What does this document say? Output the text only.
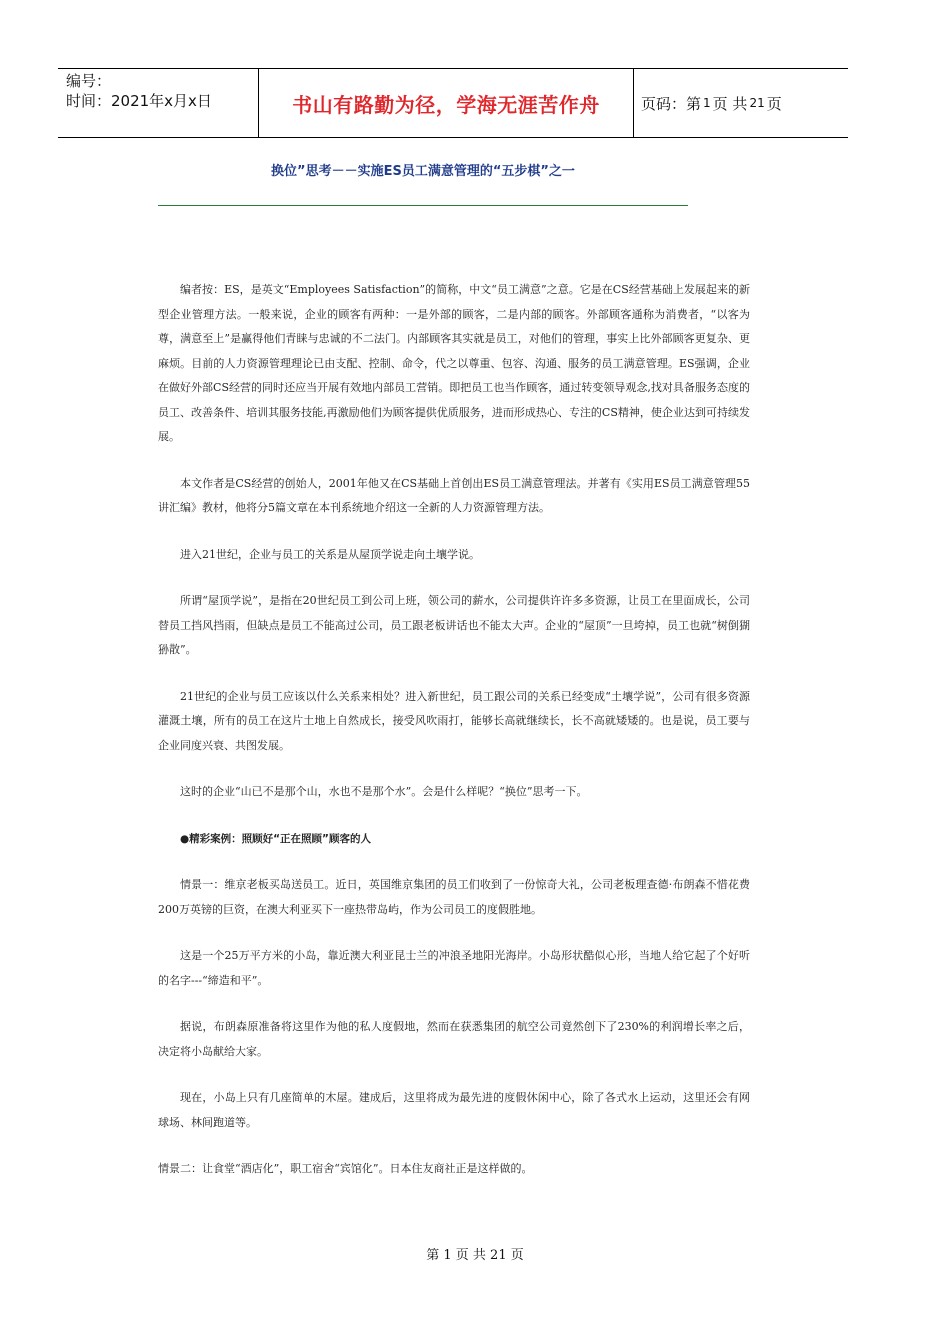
编号：
时间：2021年x月x日	书山有路勤为径，学海无涯苦作舟	页码：第 1 页 共 21 页
换位”思考－－实施ES员工满意管理的“五步棋”之一

编者按：ES，是英文“Employees Satisfaction”的简称，中文“员工满意”之意。它是在CS经营基础上发展起来的新型企业管理方法。一般来说，企业的顾客有两种：一是外部的顾客，二是内部的顾客。外部顾客通称为消费者，“以客为尊，满意至上”是赢得他们青睐与忠诚的不二法门。内部顾客其实就是员工，对他们的管理，事实上比外部顾客更复杂、更麻烦。目前的人力资源管理理论已由支配、控制、命令，代之以尊重、包容、沟通、服务的员工满意管理。ES强调，企业在做好外部CS经营的同时还应当开展有效地内部员工营销。即把员工也当作顾客，通过转变领导观念,找对具备服务态度的员工、改善条件、培训其服务技能,再激励他们为顾客提供优质服务，进而形成热心、专注的CS精神，使企业达到可持续发展。

本文作者是CS经营的创始人，2001年他又在CS基础上首创出ES员工满意管理法。并著有《实用ES员工满意管理55讲汇编》教材，他将分5篇文章在本刊系统地介绍这一全新的人力资源管理方法。

进入21世纪，企业与员工的关系是从屋顶学说走向土壤学说。

所谓“屋顶学说”，是指在20世纪员工到公司上班，领公司的薪水，公司提供许许多多资源，让员工在里面成长，公司替员工挡风挡雨，但缺点是员工不能高过公司，员工跟老板讲话也不能太大声。企业的“屋顶”一旦垮掉，员工也就“树倒猢狲散”。

21世纪的企业与员工应该以什么关系来相处？进入新世纪，员工跟公司的关系已经变成“土壤学说”，公司有很多资源灌溉土壤，所有的员工在这片土地上自然成长，接受风吹雨打，能够长高就继续长，长不高就矮矮的。也是说，员工要与企业同度兴衰、共图发展。

这时的企业“山已不是那个山，水也不是那个水”。会是什么样呢？“换位”思考一下。

●精彩案例：照顾好“正在照顾”顾客的人

情景一：维京老板买岛送员工。近日，英国维京集团的员工们收到了一份惊奇大礼，公司老板理查德·布朗森不惜花费200万英镑的巨资，在澳大利亚买下一座热带岛屿，作为公司员工的度假胜地。

这是一个25万平方米的小岛，靠近澳大利亚昆士兰的冲浪圣地阳光海岸。小岛形状酷似心形，当地人给它起了个好听的名字---“缔造和平”。

据说，布朗森原准备将这里作为他的私人度假地，然而在获悉集团的航空公司竟然创下了230%的利润增长率之后，决定将小岛献给大家。

现在，小岛上只有几座简单的木屋。建成后，这里将成为最先进的度假休闲中心，除了各式水上运动，这里还会有网球场、林间跑道等。

情景二：让食堂“酒店化”，职工宿舍“宾馆化”。日本住友商社正是这样做的。

第 1 页 共 21 页
